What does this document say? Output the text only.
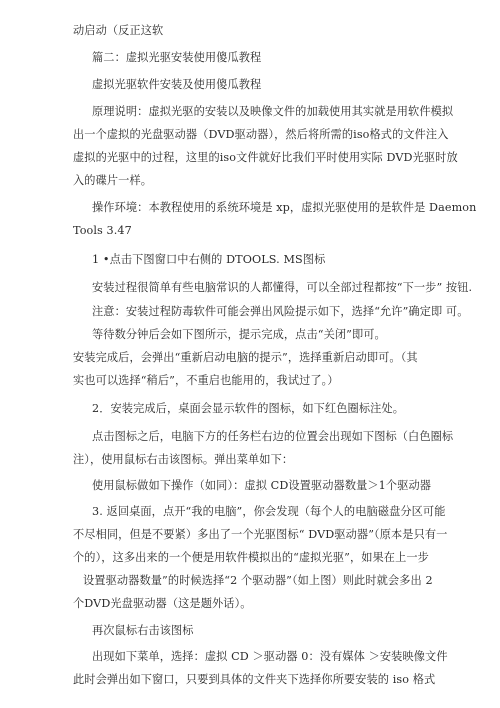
动启动（反正这软
篇二：虚拟光驱安装使用傻瓜教程
虚拟光驱软件安装及使用傻瓜教程
原理说明：虚拟光驱的安装以及映像文件的加载使用其实就是用软件模拟
出一个虚拟的光盘驱动器（DVD驱动器），然后将所需的iso格式的文件注入
虚拟的光驱中的过程，这里的iso文件就好比我们平时使用实际 DVD光驱时放
入的碟片一样。
操作环境：本教程使用的系统环境是 xp，虚拟光驱使用的是软件是 Daemon
Tools 3.47
1 •点击下图窗口中右侧的 DTOOLS. MS图标
安装过程很简单有些电脑常识的人都懂得，可以全部过程都按“下一步” 按钮.
注意：安装过程防毒软件可能会弹出风险提示如下，选择“允许”确定即 可。
等待数分钟后会如下图所示，提示完成，点击“关闭”即可。
安装完成后，会弹出“重新启动电脑的提示”，选择重新启动即可。（其
实也可以选择“稍后”，不重启也能用的，我试过了。）
2．安装完成后，桌面会显示软件的图标，如下红色圈标注处。
点击图标之后，电脑下方的任务栏右边的位置会出现如下图标（白色圈标
注），使用鼠标右击该图标。弹出菜单如下：
使用鼠标做如下操作（如同）：虚拟 CD设置驱动器数量＞1个驱动器
3. 返回桌面，点开“我的电脑”，你会发现（每个人的电脑磁盘分区可能
不尽相同，但是不要紧）多出了一个光驱图标“ DVD驱动器”（原本是只有一
个的），这多出来的一个便是用软件模拟出的“虚拟光驱”，如果在上一步
设置驱动器数量”的时候选择“2 个驱动器”（如上图）则此时就会多出 2
个DVD光盘驱动器（这是题外话）。
再次鼠标右击该图标
出现如下菜单，选择：虚拟 CD ＞驱动器 0：没有媒体 ＞安装映像文件
此时会弹出如下窗口，只要到具体的文件夹下选择你所要安装的 iso 格式
